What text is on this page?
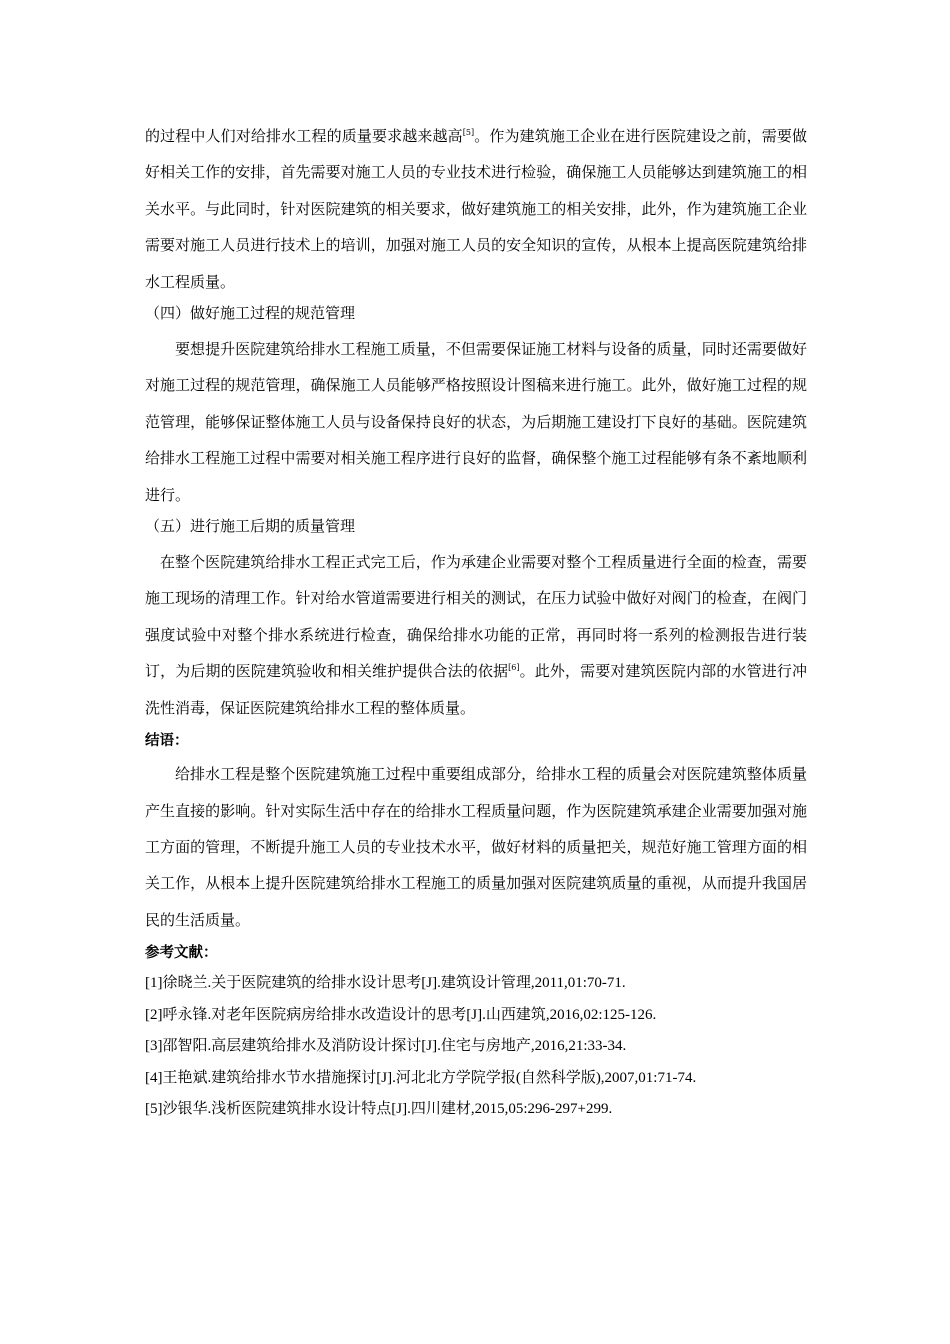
的过程中人们对给排水工程的质量要求越来越高[5]。作为建筑施工企业在进行医院建设之前，需要做好相关工作的安排，首先需要对施工人员的专业技术进行检验，确保施工人员能够达到建筑施工的相关水平。与此同时，针对医院建筑的相关要求，做好建筑施工的相关安排，此外，作为建筑施工企业需要对施工人员进行技术上的培训，加强对施工人员的安全知识的宣传，从根本上提高医院建筑给排水工程质量。

（四）做好施工过程的规范管理

要想提升医院建筑给排水工程施工质量，不但需要保证施工材料与设备的质量，同时还需要做好对施工过程的规范管理，确保施工人员能够严格按照设计图稿来进行施工。此外，做好施工过程的规范管理，能够保证整体施工人员与设备保持良好的状态，为后期施工建设打下良好的基础。医院建筑给排水工程施工过程中需要对相关施工程序进行良好的监督，确保整个施工过程能够有条不紊地顺利进行。

（五）进行施工后期的质量管理

在整个医院建筑给排水工程正式完工后，作为承建企业需要对整个工程质量进行全面的检查，需要施工现场的清理工作。针对给水管道需要进行相关的测试，在压力试验中做好对阀门的检查，在阀门强度试验中对整个排水系统进行检查，确保给排水功能的正常，再同时将一系列的检测报告进行装订，为后期的医院建筑验收和相关维护提供合法的依据[6]。此外，需要对建筑医院内部的水管进行冲洗性消毒，保证医院建筑给排水工程的整体质量。

结语：

给排水工程是整个医院建筑施工过程中重要组成部分，给排水工程的质量会对医院建筑整体质量产生直接的影响。针对实际生活中存在的给排水工程质量问题，作为医院建筑承建企业需要加强对施工方面的管理，不断提升施工人员的专业技术水平，做好材料的质量把关，规范好施工管理方面的相关工作，从根本上提升医院建筑给排水工程施工的质量加强对医院建筑质量的重视，从而提升我国居民的生活质量。

参考文献：

[1]徐晓兰.关于医院建筑的给排水设计思考[J].建筑设计管理,2011,01:70-71.
[2]呼永锋.对老年医院病房给排水改造设计的思考[J].山西建筑,2016,02:125-126.
[3]邵智阳.高层建筑给排水及消防设计探讨[J].住宅与房地产,2016,21:33-34.
[4]王艳斌.建筑给排水节水措施探讨[J].河北北方学院学报(自然科学版),2007,01:71-74.
[5]沙银华.浅析医院建筑排水设计特点[J].四川建材,2015,05:296-297+299.
